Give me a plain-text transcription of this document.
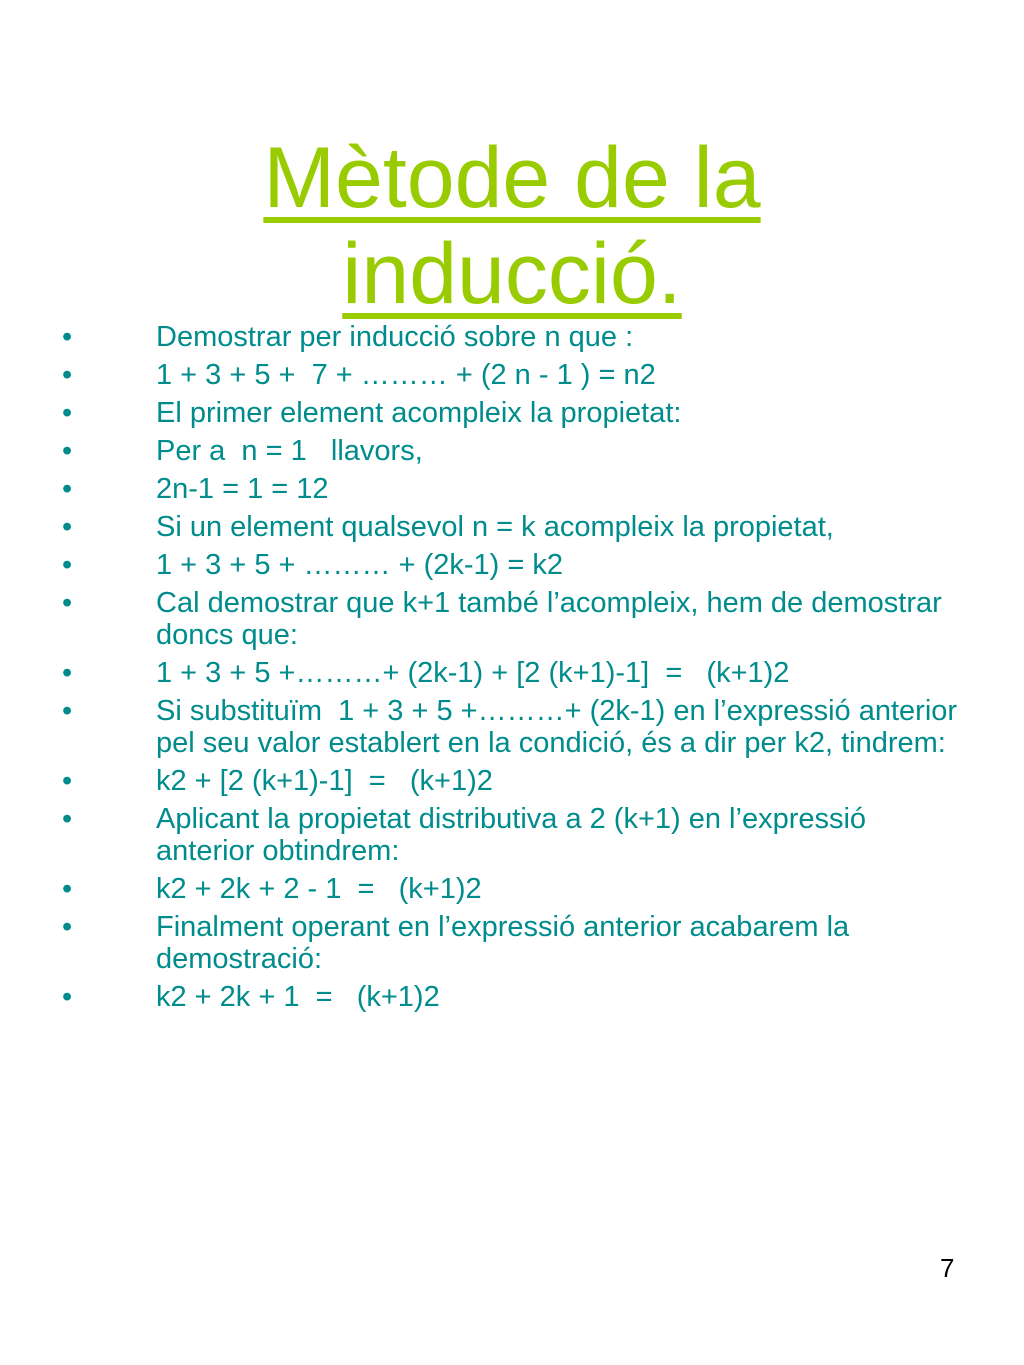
Mètode de la
inducció.
•	Demostrar per inducció sobre n que :
•	1 + 3 + 5 +  7 + ……… + (2 n - 1 ) = n2
•	El primer element acompleix la propietat:
•	Per a  n = 1   llavors,
•	2n-1 = 1 = 12
•	Si un element qualsevol n = k acompleix la propietat,
•	1 + 3 + 5 + ……… + (2k-1) = k2
•	Cal demostrar que k+1 també l’acompleix, hem de demostrar doncs que:
•	1 + 3 + 5 +………+ (2k-1) + [2 (k+1)-1]  =   (k+1)2
•	Si substituïm  1 + 3 + 5 +………+ (2k-1) en l’expressió anterior pel seu valor establert en la condició, és a dir per k2, tindrem:
•	k2 + [2 (k+1)-1]  =   (k+1)2
•	Aplicant la propietat distributiva a 2 (k+1) en l’expressió anterior obtindrem:
•	k2 + 2k + 2 - 1  =   (k+1)2
•	Finalment operant en l’expressió anterior acabarem la demostració:
•	k2 + 2k + 1  =   (k+1)2
7
